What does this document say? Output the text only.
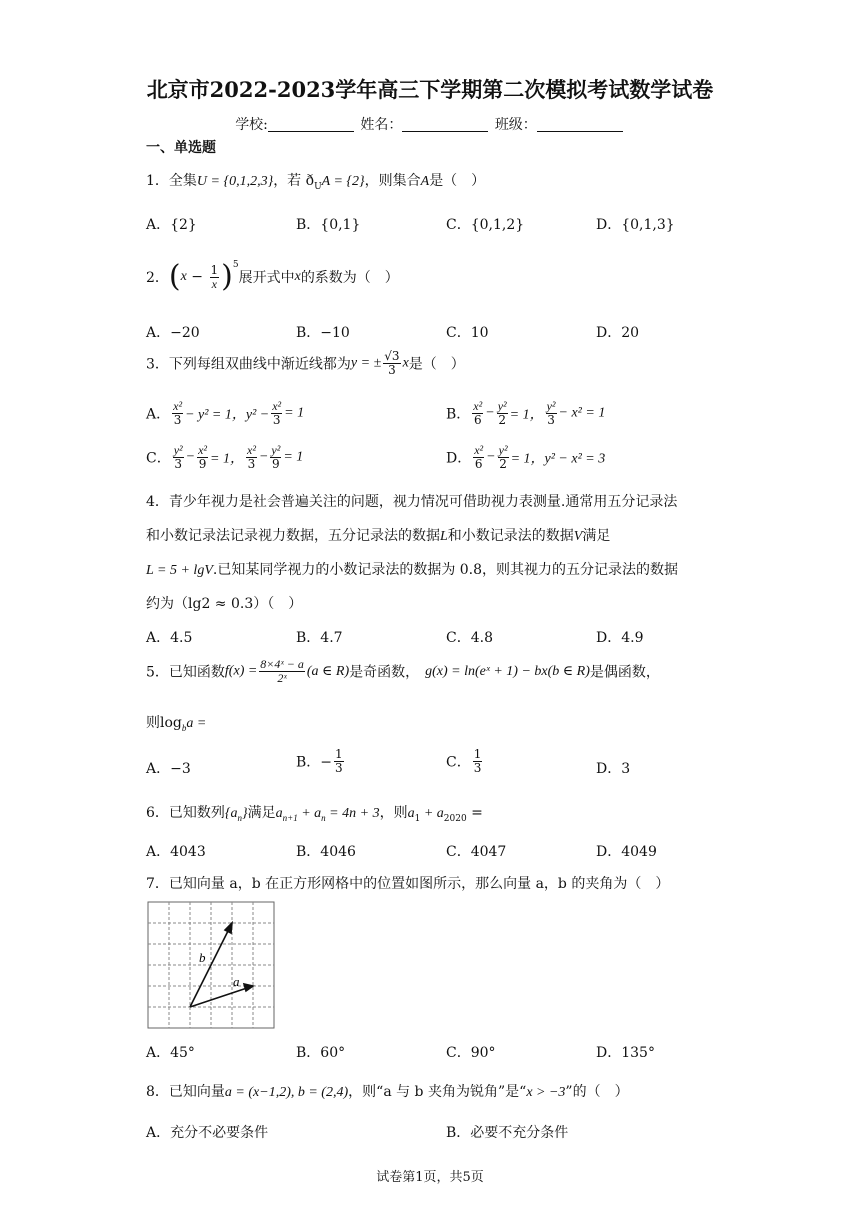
北京市2022-2023学年高三下学期第二次模拟考试数学试卷
学校:	姓名：	班级：
一、单选题
1．全集U = {0,1,2,3}，若 $ð_UA = \{2\}$，则集合A是（　）
A．{2}	B．{0,1}	C．{0,1,2}	D．{0,1,3}
2．$(x - \frac{1}{x} )^5$展开式中x的系数为（　）
A．−20	B．−10	C．10	D．20
3．下列每组双曲线中渐近线都为y = ± $\frac{√3}{3}$ x是（　）
A． $\frac{\text{x²}}{3} - y^2 = 1$，$y^2 - \frac{\text{x²}}{3} = 1$	B． $\frac{\text{x²}}{6} - \frac{\text{y²}}{2} = 1$， $\frac{\text{y²}}{3} - x^2 = 1$
C． $\frac{\text{y²}}{3} - \frac{\text{x²}}{9} = 1$， $\frac{\text{x²}}{3} - \frac{\text{y²}}{9} = 1$	D． $\frac{\text{x²}}{6} - \frac{\text{y²}}{2} = 1$，y² − x² = 3
4．青少年视力是社会普遍关注的问题，视力情况可借助视力表测量.通常用五分记录法
和小数记录法记录视力数据，五分记录法的数据L和小数记录法的数据V满足
L = 5 + lgV.已知某同学视力的小数记录法的数据为 0.8，则其视力的五分记录法的数据
约为（lg2 ≈ 0.3）（　）
A．4.5	B．4.7	C．4.8	D．4.9
5．已知函数$f(x) = \frac{\text{8×4ˣ − a}}{\text{2ˣ}} (a$ ∈ R)是奇函数， g(x) = ln(eˣ + 1) − bx(b ∈ R)是偶函数，
则$\log_ba$ =
A．−3	B．− $\frac{1}{3}$	C． $\frac{1}{3}$	D．3
6．已知数列$\{a_n\}$满足$a_{n+1} + a_n = 4n + 3$，则$a_1 + a_{2020}$ =
A．4043	B．4046	C．4047	D．4049
7．已知向量 a，b 在正方形网格中的位置如图所示，那么向量 a，b 的夹角为（　）
b
a
A．45°	B．60°	C．90°	D．135°
8．已知向量a = (x−1,2), b = (2,4)，则“a 与 b 夹角为锐角”是“x > −3”的（　）
A．充分不必要条件	B．必要不充分条件
试卷第1页，共5页
